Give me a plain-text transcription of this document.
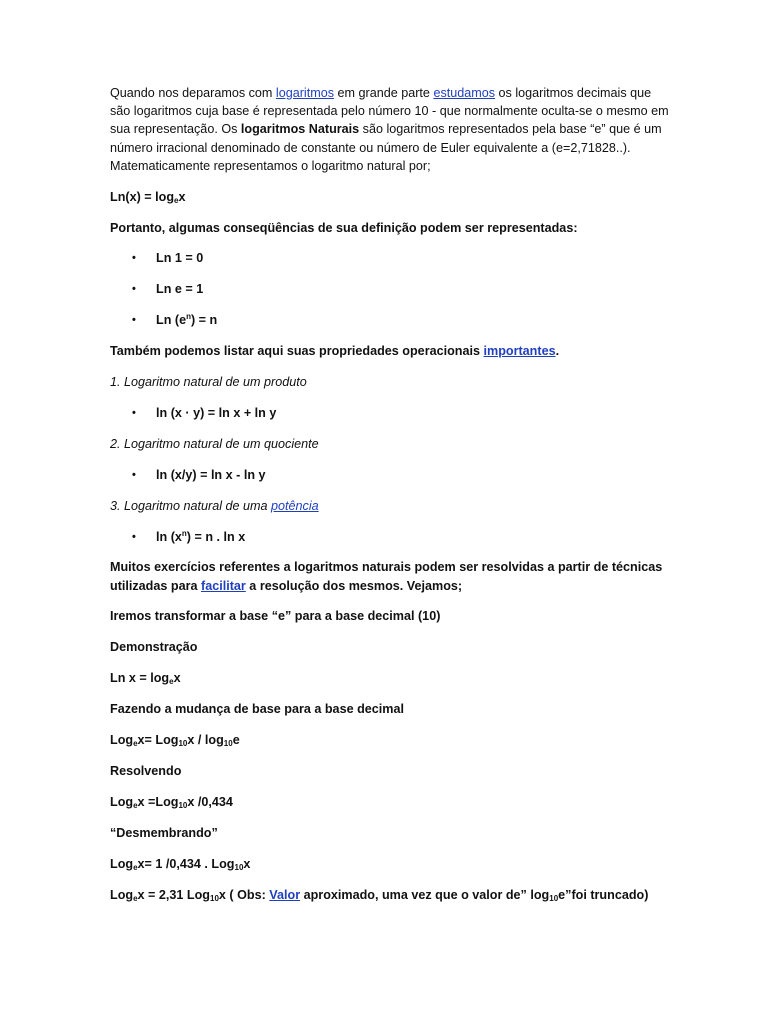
Quando nos deparamos com logaritmos em grande parte estudamos os logaritmos decimais que são logaritmos cuja base é representada pelo número 10 - que normalmente oculta-se o mesmo em sua representação. Os logaritmos Naturais são logaritmos representados pela base “e” que é um número irracional denominado de constante ou número de Euler equivalente a (e=2,71828..). Matematicamente representamos o logaritmo natural por;

$Ln(x) = \log_ex$

Portanto, algumas conseqüências de sua definição podem ser representadas:

• Ln 1 = 0
• Ln e = 1
• Ln $(e^n) = n$

Também podemos listar aqui suas propriedades operacionais importantes.

1. Logaritmo natural de um produto

• ln (x · y) = ln x + ln y

2. Logaritmo natural de um quociente

• ln (x/y) = ln x - ln y

3. Logaritmo natural de uma potência

• $\ln (x^n) = n$ . ln x

Muitos exercícios referentes a logaritmos naturais podem ser resolvidas a partir de técnicas utilizadas para facilitar a resolução dos mesmos. Vejamos;

Iremos transformar a base “e” para a base decimal (10)

Demonstração

Ln $x = \log_ex$

Fazendo a mudança de base para a base decimal

$Log_ex= Log_{10}x / \log_{10}e$

Resolvendo

Log$_e$x =Log$_{10}$x /0,434

“Desmembrando”

Log$_e$x= 1 /0,434 . Log$_{10}$x

Log$_e$x = 2,31 Log$_{10}$x ( Obs: Valor aproximado, uma vez que o valor de” $\log_{10}e”foi$ truncado)
